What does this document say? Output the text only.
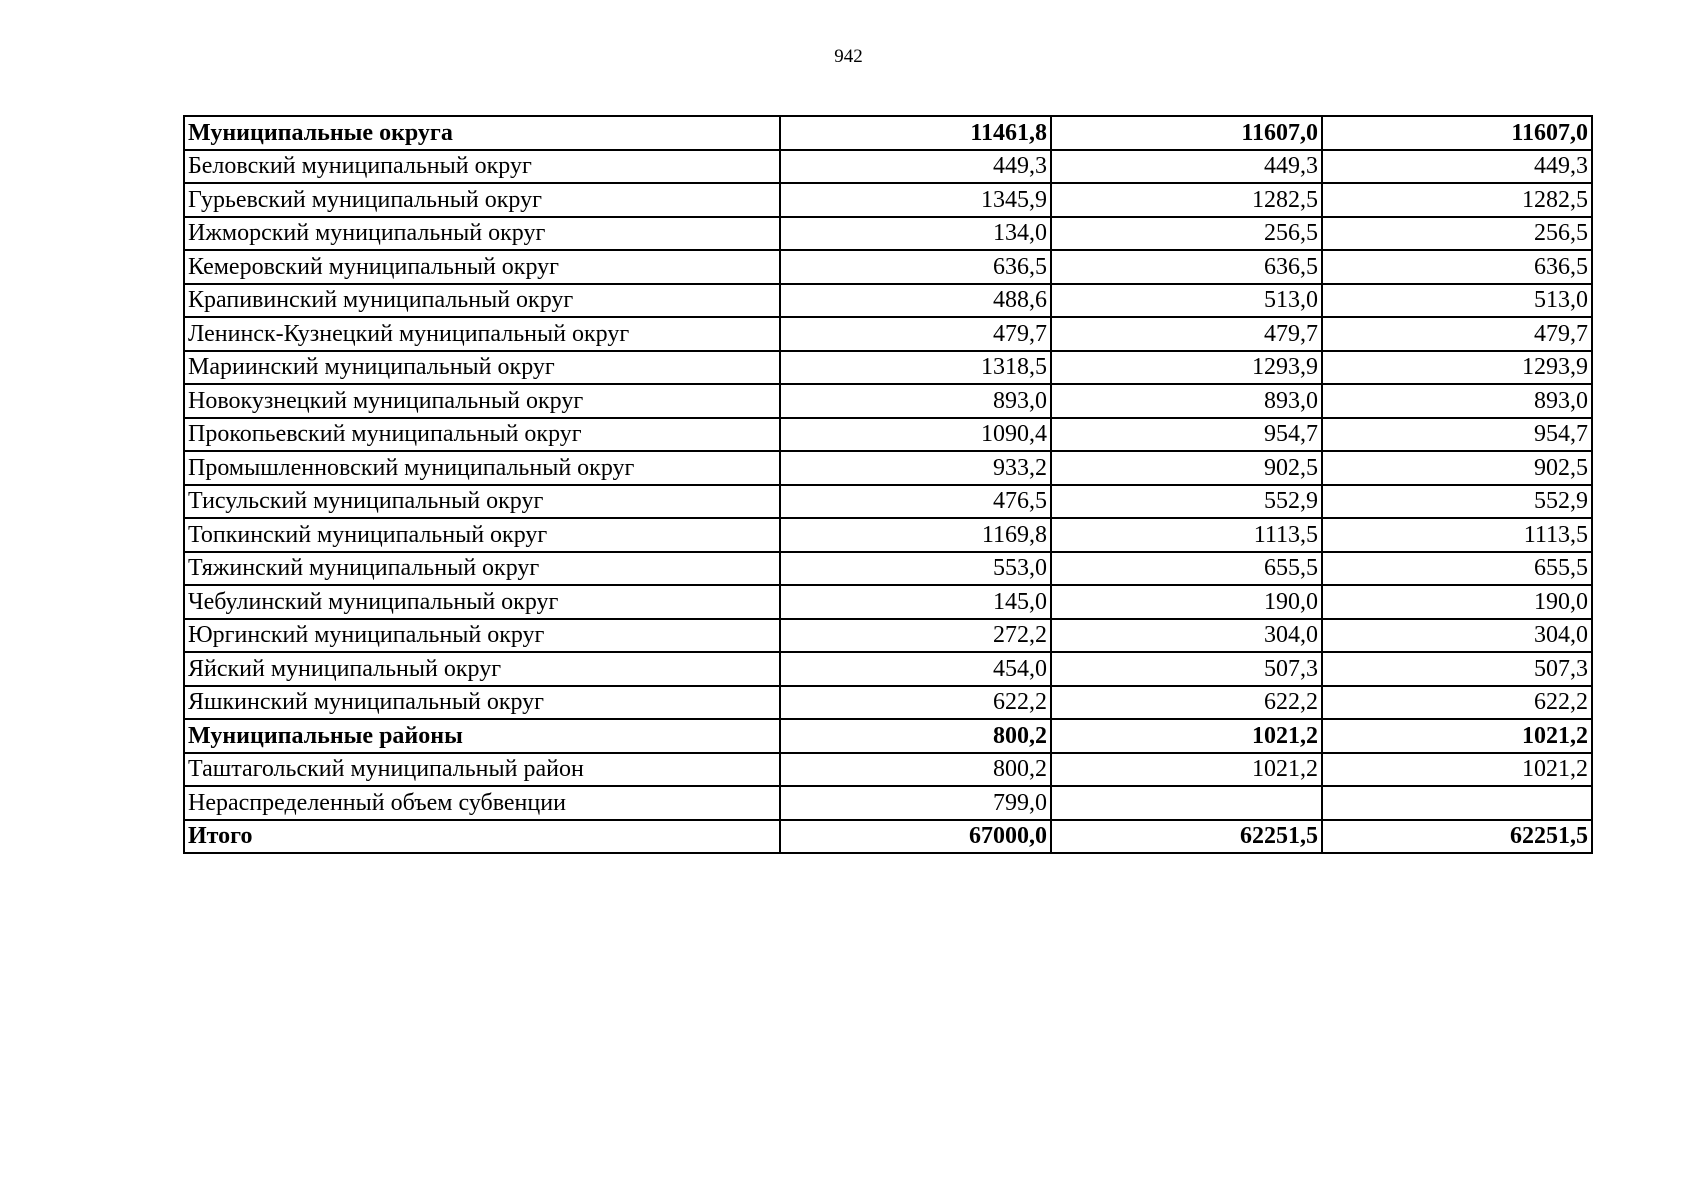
942
Муниципальные округа	11461,8	11607,0	11607,0
Беловский муниципальный округ	449,3	449,3	449,3
Гурьевский муниципальный округ	1345,9	1282,5	1282,5
Ижморский муниципальный округ	134,0	256,5	256,5
Кемеровский муниципальный округ	636,5	636,5	636,5
Крапивинский муниципальный округ	488,6	513,0	513,0
Ленинск-Кузнецкий муниципальный округ	479,7	479,7	479,7
Мариинский муниципальный округ	1318,5	1293,9	1293,9
Новокузнецкий муниципальный округ	893,0	893,0	893,0
Прокопьевский муниципальный округ	1090,4	954,7	954,7
Промышленновский муниципальный округ	933,2	902,5	902,5
Тисульский муниципальный округ	476,5	552,9	552,9
Топкинский муниципальный округ	1169,8	1113,5	1113,5
Тяжинский муниципальный округ	553,0	655,5	655,5
Чебулинский муниципальный округ	145,0	190,0	190,0
Юргинский муниципальный округ	272,2	304,0	304,0
Яйский муниципальный округ	454,0	507,3	507,3
Яшкинский муниципальный округ	622,2	622,2	622,2
Муниципальные районы	800,2	1021,2	1021,2
Таштагольский муниципальный район	800,2	1021,2	1021,2
Нераспределенный объем субвенции	799,0		
Итого	67000,0	62251,5	62251,5
